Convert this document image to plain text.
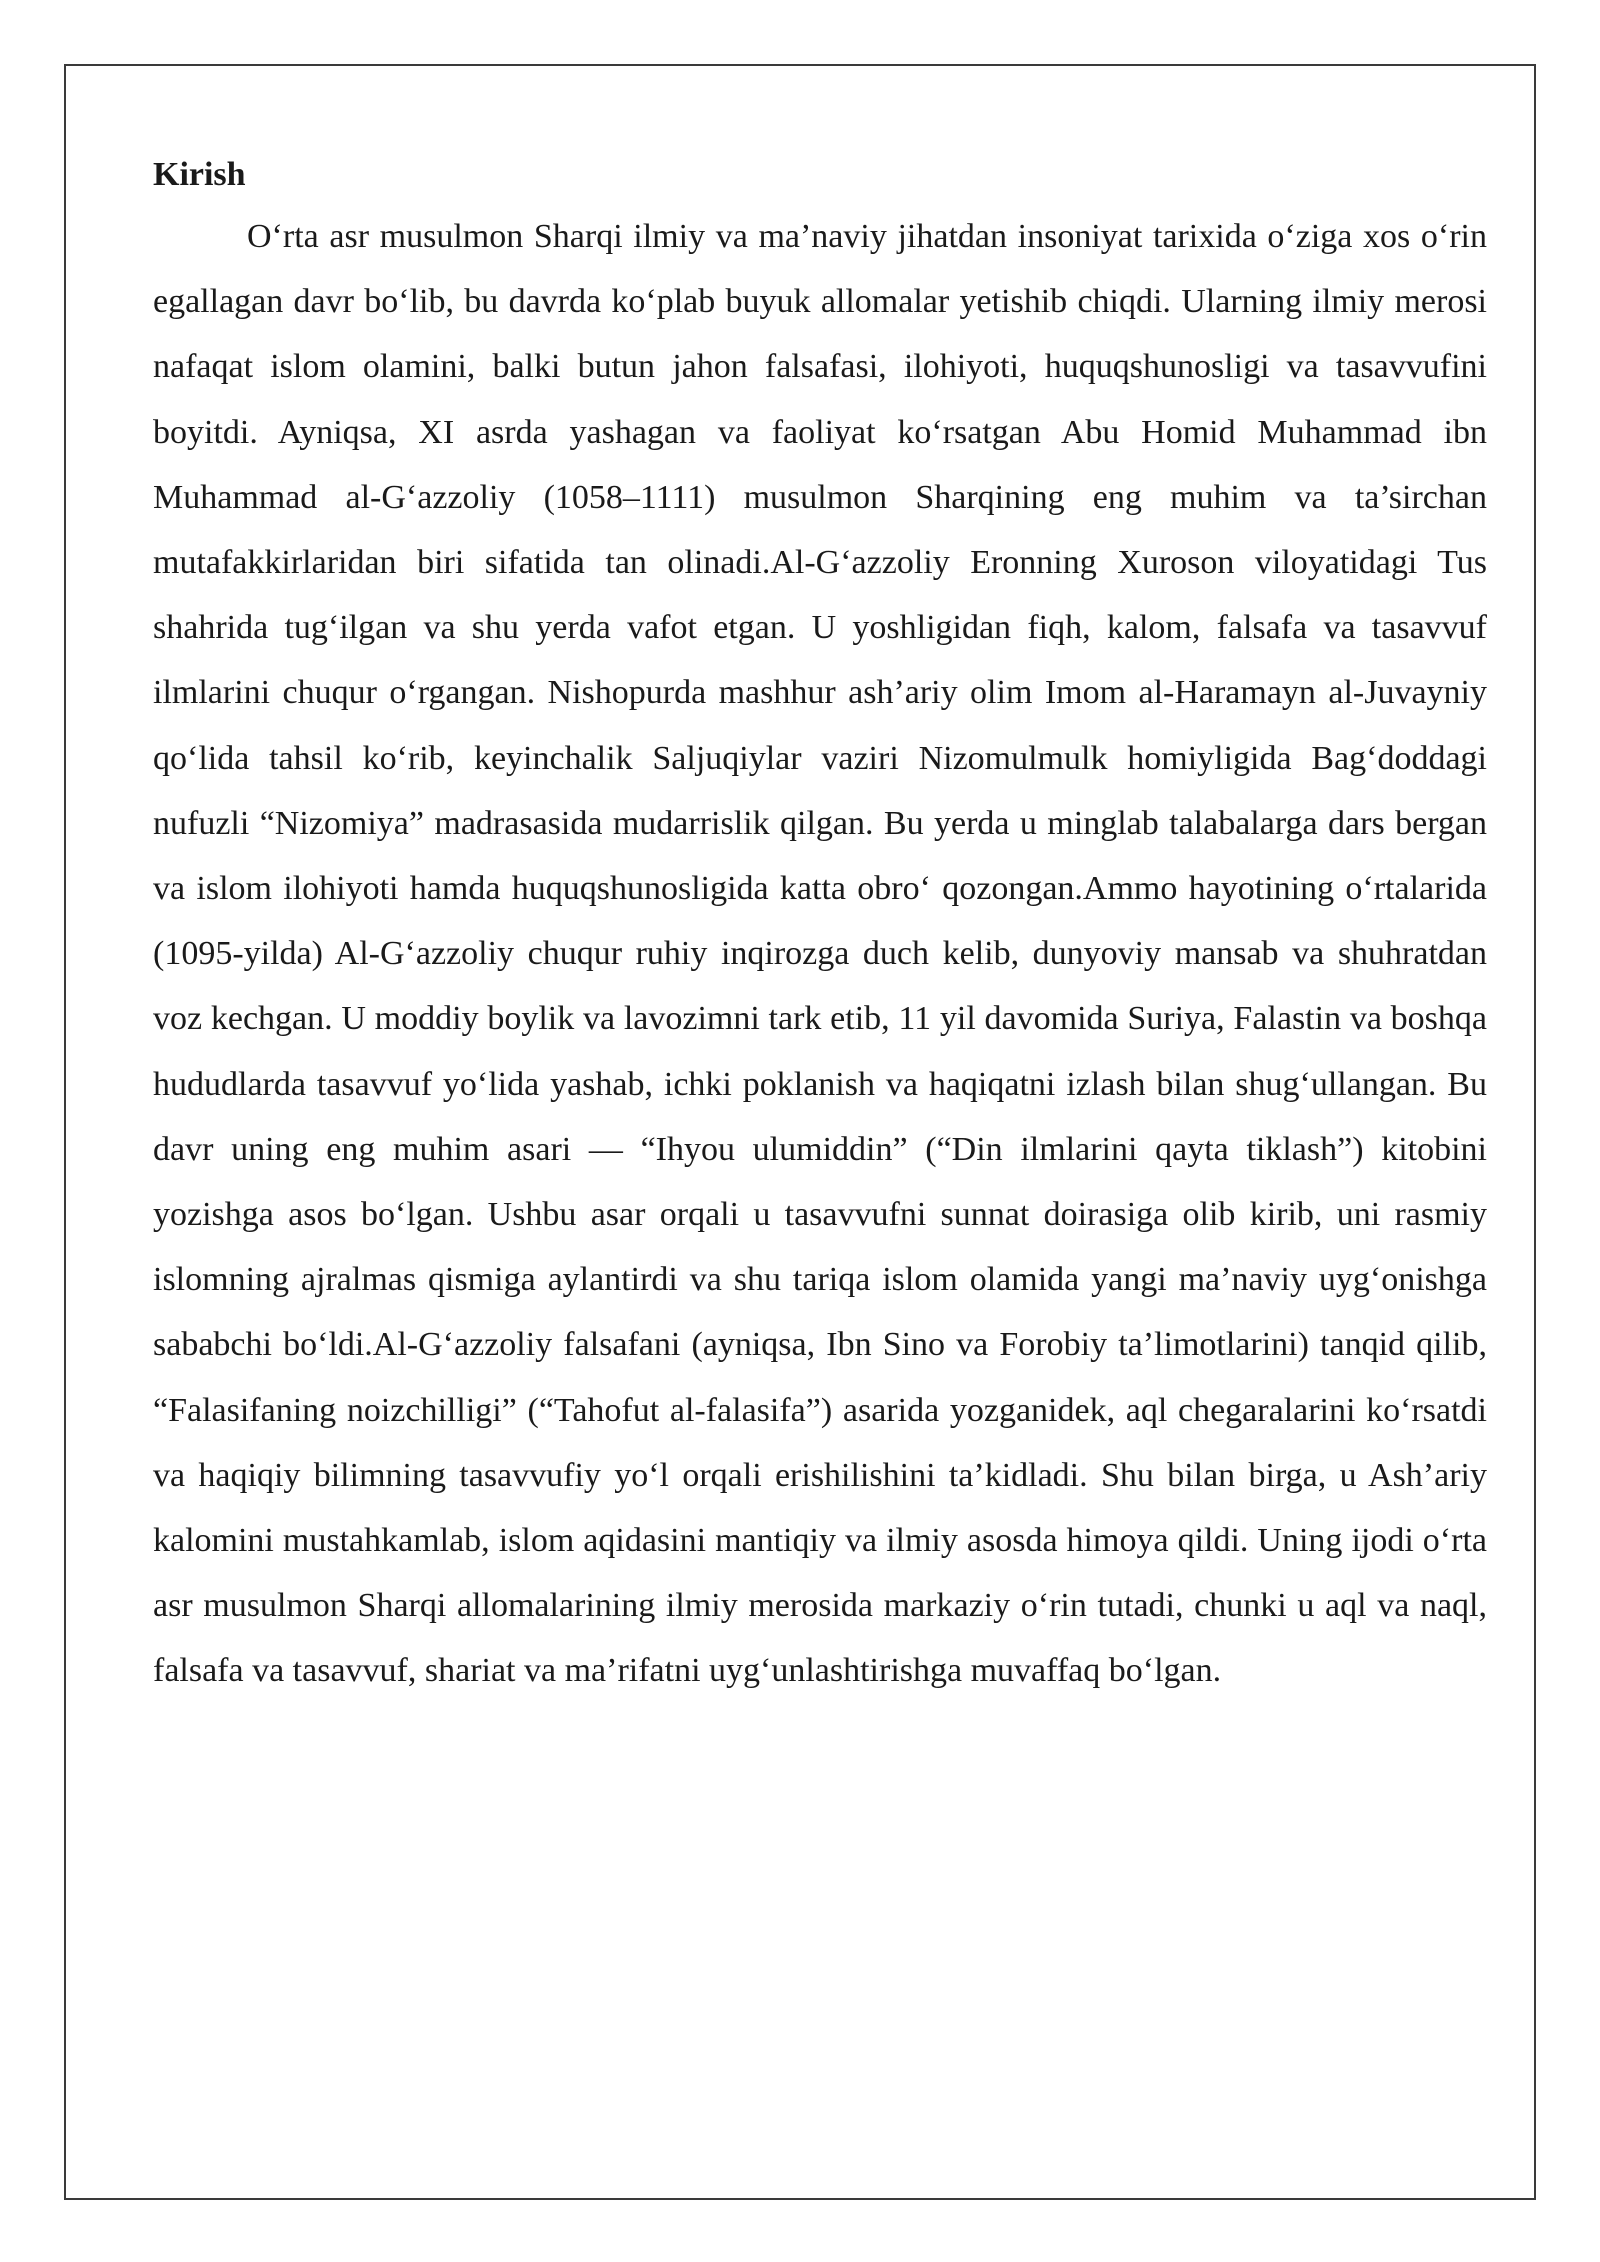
Kirish

O‘rta asr musulmon Sharqi ilmiy va ma’naviy jihatdan insoniyat tarixida o‘ziga xos o‘rin egallagan davr bo‘lib, bu davrda ko‘plab buyuk allomalar yetishib chiqdi. Ularning ilmiy merosi nafaqat islom olamini, balki butun jahon falsafasi, ilohiyoti, huquqshunosligi va tasavvufini boyitdi. Ayniqsa, XI asrda yashagan va faoliyat ko‘rsatgan Abu Homid Muhammad ibn Muhammad al-G‘azzoliy (1058–1111) musulmon Sharqining eng muhim va ta’sirchan mutafakkirlaridan biri sifatida tan olinadi.Al-G‘azzoliy Eronning Xuroson viloyatidagi Tus shahrida tug‘ilgan va shu yerda vafot etgan. U yoshligidan fiqh, kalom, falsafa va tasavvuf ilmlarini chuqur o‘rgangan. Nishopurda mashhur ash’ariy olim Imom al-Haramayn al-Juvayniy qo‘lida tahsil ko‘rib, keyinchalik Saljuqiylar vaziri Nizomulmulk homiyligida Bag‘doddagi nufuzli “Nizomiya” madrasasida mudarrislik qilgan. Bu yerda u minglab talabalarga dars bergan va islom ilohiyoti hamda huquqshunosligida katta obro‘ qozongan.Ammo hayotining o‘rtalarida (1095-yilda) Al-G‘azzoliy chuqur ruhiy inqirozga duch kelib, dunyoviy mansab va shuhratdan voz kechgan. U moddiy boylik va lavozimni tark etib, 11 yil davomida Suriya, Falastin va boshqa hududlarda tasavvuf yo‘lida yashab, ichki poklanish va haqiqatni izlash bilan shug‘ullangan. Bu davr uning eng muhim asari — “Ihyou ulumiddin” (“Din ilmlarini qayta tiklash”) kitobini yozishga asos bo‘lgan. Ushbu asar orqali u tasavvufni sunnat doirasiga olib kirib, uni rasmiy islomning ajralmas qismiga aylantirdi va shu tariqa islom olamida yangi ma’naviy uyg‘onishga sababchi bo‘ldi.Al-G‘azzoliy falsafani (ayniqsa, Ibn Sino va Forobiy ta’limotlarini) tanqid qilib, “Falasifaning noizchilligi” (“Tahofut al-falasifa”) asarida yozganidek, aql chegaralarini ko‘rsatdi va haqiqiy bilimning tasavvufiy yo‘l orqali erishilishini ta’kidladi. Shu bilan birga, u Ash’ariy kalomini mustahkamlab, islom aqidasini mantiqiy va ilmiy asosda himoya qildi. Uning ijodi o‘rta asr musulmon Sharqi allomalarining ilmiy merosida markaziy o‘rin tutadi, chunki u aql va naql, falsafa va tasavvuf, shariat va ma’rifatni uyg‘unlashtirishga muvaffaq bo‘lgan.
